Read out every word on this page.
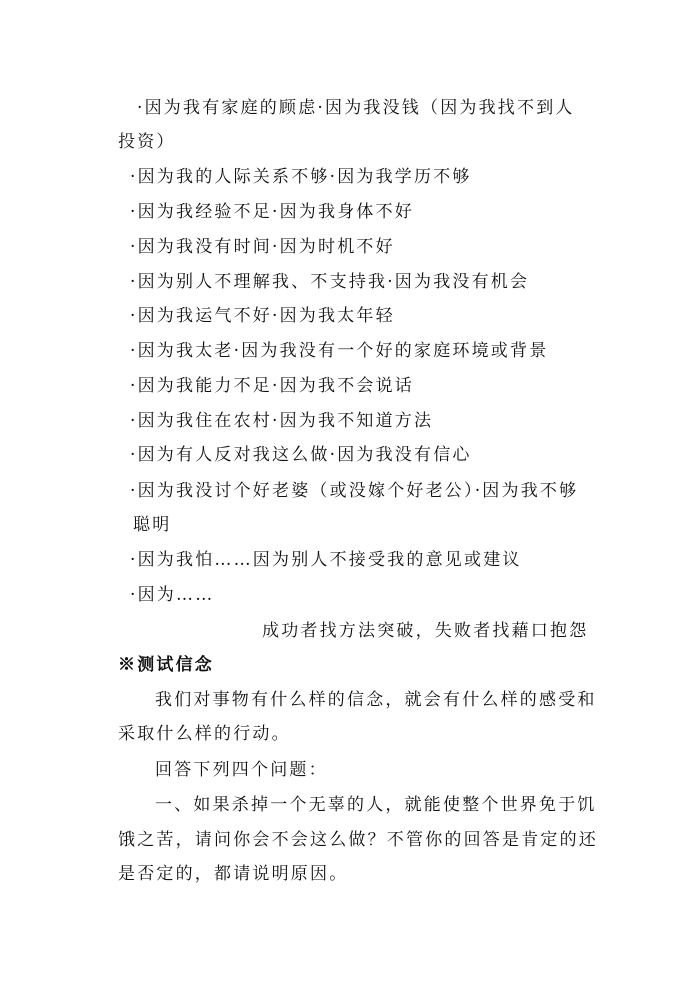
·因为我有家庭的顾虑·因为我没钱（因为我找不到人
投资）
·因为我的人际关系不够·因为我学历不够
·因为我经验不足·因为我身体不好
·因为我没有时间·因为时机不好
·因为别人不理解我、不支持我·因为我没有机会
·因为我运气不好·因为我太年轻
·因为我太老·因为我没有一个好的家庭环境或背景
·因为我能力不足·因为我不会说话
·因为我住在农村·因为我不知道方法
·因为有人反对我这么做·因为我没有信心
·因为我没讨个好老婆（或没嫁个好老公）·因为我不够
聪明
·因为我怕……因为别人不接受我的意见或建议
·因为……
成功者找方法突破，失败者找藉口抱怨
※测试信念
我们对事物有什么样的信念，就会有什么样的感受和
采取什么样的行动。
回答下列四个问题：
一、如果杀掉一个无辜的人，就能使整个世界免于饥
饿之苦，请问你会不会这么做？不管你的回答是肯定的还
是否定的，都请说明原因。
